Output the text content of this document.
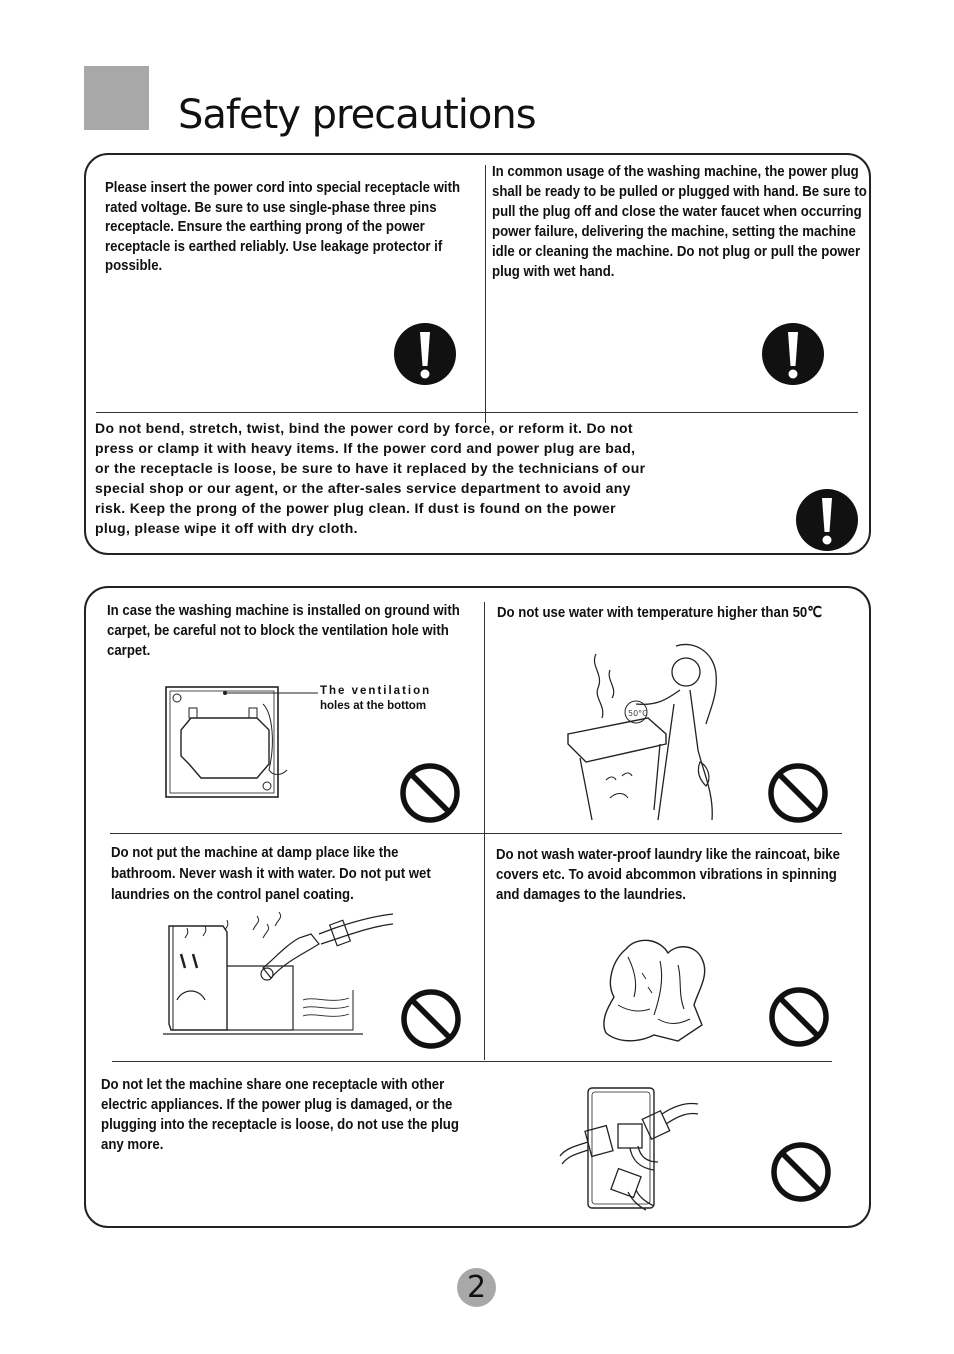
Safety precautions

Please insert the power cord into special receptacle with rated voltage. Be sure to use single-phase three pins receptacle. Ensure the earthing prong of the power receptacle is earthed reliably. Use leakage protector if possible.

In common usage of the washing machine, the power plug shall be ready to be pulled or plugged with hand. Be sure to pull the plug off and close the water faucet when occurring power failure, delivering the machine, setting the machine idle or cleaning the machine. Do not plug or pull the power plug with wet hand.

Do not bend, stretch, twist, bind the power cord by force, or reform it. Do not press or clamp it with heavy items. If the power cord and power plug are bad, or the receptacle is loose, be sure to have it replaced by the technicians of our special shop or our agent, or the after-sales service department to avoid any risk. Keep the prong of the power plug clean. If dust is found on the power plug, please wipe it off with dry cloth.

In case the washing machine is installed on ground with carpet, be careful not to block the ventilation hole with carpet.

The ventilation

holes at the bottom

Do not use water with temperature higher than 50℃

50°C

Do not put the machine at damp place like the bathroom. Never wash it with water. Do not put wet laundries on the control panel coating.

Do not wash water-proof laundry like the raincoat, bike covers etc. To avoid abcommon vibrations in spinning and damages to the laundries.

Do not let the machine share one receptacle with other electric appliances. If the power plug is damaged, or the plugging into the receptacle is loose, do not use the plug any more.

2
